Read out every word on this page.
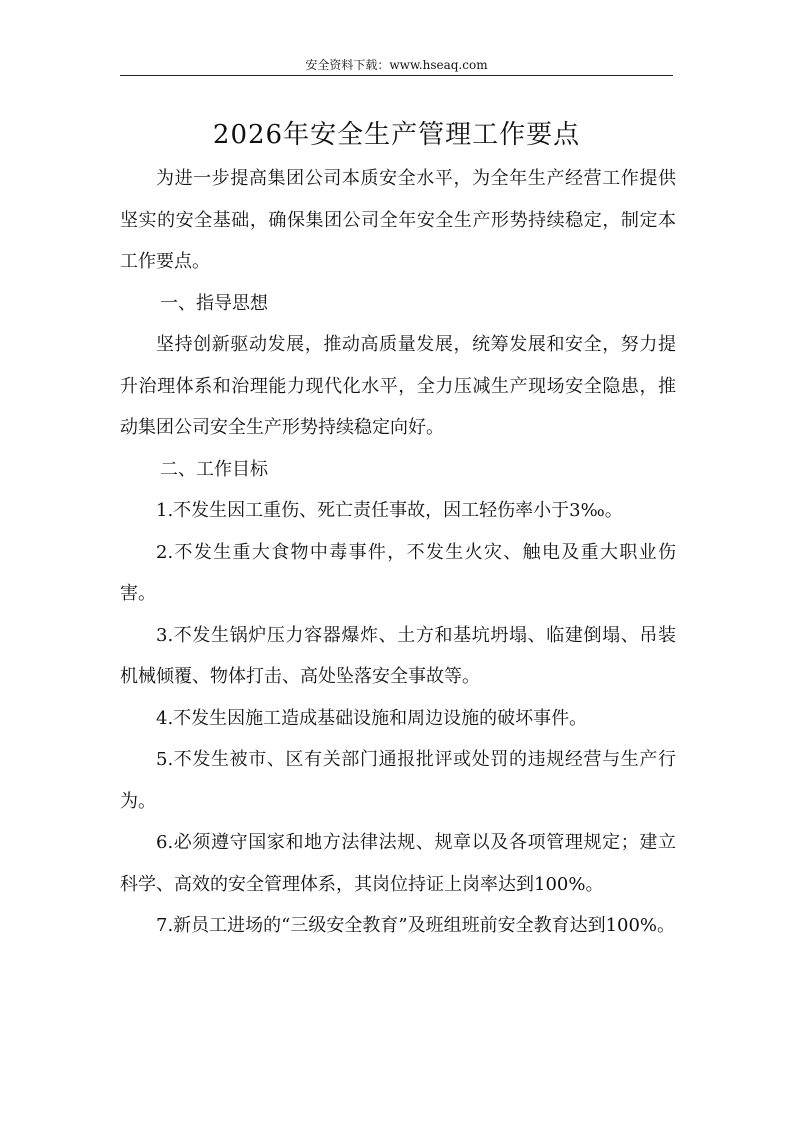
安全资料下载：www.hseaq.com
2026年安全生产管理工作要点

为进一步提高集团公司本质安全水平，为全年生产经营工作提供坚实的安全基础，确保集团公司全年安全生产形势持续稳定，制定本工作要点。

一、指导思想

坚持创新驱动发展，推动高质量发展，统筹发展和安全，努力提升治理体系和治理能力现代化水平，全力压减生产现场安全隐患，推动集团公司安全生产形势持续稳定向好。

二、工作目标

1.不发生因工重伤、死亡责任事故，因工轻伤率小于3‰。

2.不发生重大食物中毒事件，不发生火灾、触电及重大职业伤害。

3.不发生锅炉压力容器爆炸、土方和基坑坍塌、临建倒塌、吊装机械倾覆、物体打击、高处坠落安全事故等。

4.不发生因施工造成基础设施和周边设施的破坏事件。

5.不发生被市、区有关部门通报批评或处罚的违规经营与生产行为。

6.必须遵守国家和地方法律法规、规章以及各项管理规定；建立科学、高效的安全管理体系，其岗位持证上岗率达到100%。

7.新员工进场的“三级安全教育”及班组班前安全教育达到100%。
